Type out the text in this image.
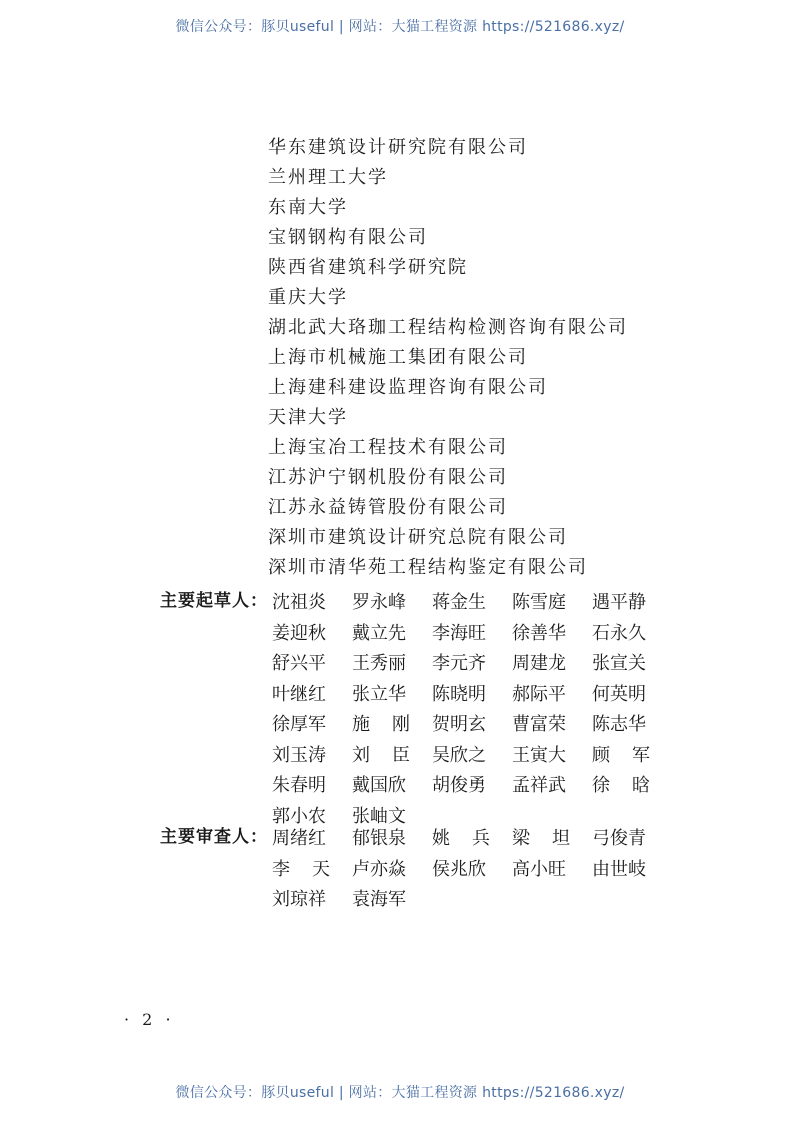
微信公众号：豚贝useful | 网站：大猫工程资源 https://521686.xyz/
华东建筑设计研究院有限公司
兰州理工大学
东南大学
宝钢钢构有限公司
陕西省建筑科学研究院
重庆大学
湖北武大珞珈工程结构检测咨询有限公司
上海市机械施工集团有限公司
上海建科建设监理咨询有限公司
天津大学
上海宝冶工程技术有限公司
江苏沪宁钢机股份有限公司
江苏永益铸管股份有限公司
深圳市建筑设计研究总院有限公司
深圳市清华苑工程结构鉴定有限公司
主要起草人： 沈祖炎 罗永峰 蒋金生 陈雪庭 遇平静
姜迎秋 戴立先 李海旺 徐善华 石永久
舒兴平 王秀丽 李元齐 周建龙 张宣关
叶继红 张立华 陈晓明 郝际平 何英明
徐厚军 施 刚 贺明玄 曹富荣 陈志华
刘玉涛 刘 臣 吴欣之 王寅大 顾 军
朱春明 戴国欣 胡俊勇 孟祥武 徐 晗
郭小农 张岫文
主要审查人： 周绪红 郁银泉 姚 兵 梁 坦 弓俊青
李 天 卢亦焱 侯兆欣 高小旺 由世岐
刘琼祥 袁海军
· 2 ·
微信公众号：豚贝useful | 网站：大猫工程资源 https://521686.xyz/
